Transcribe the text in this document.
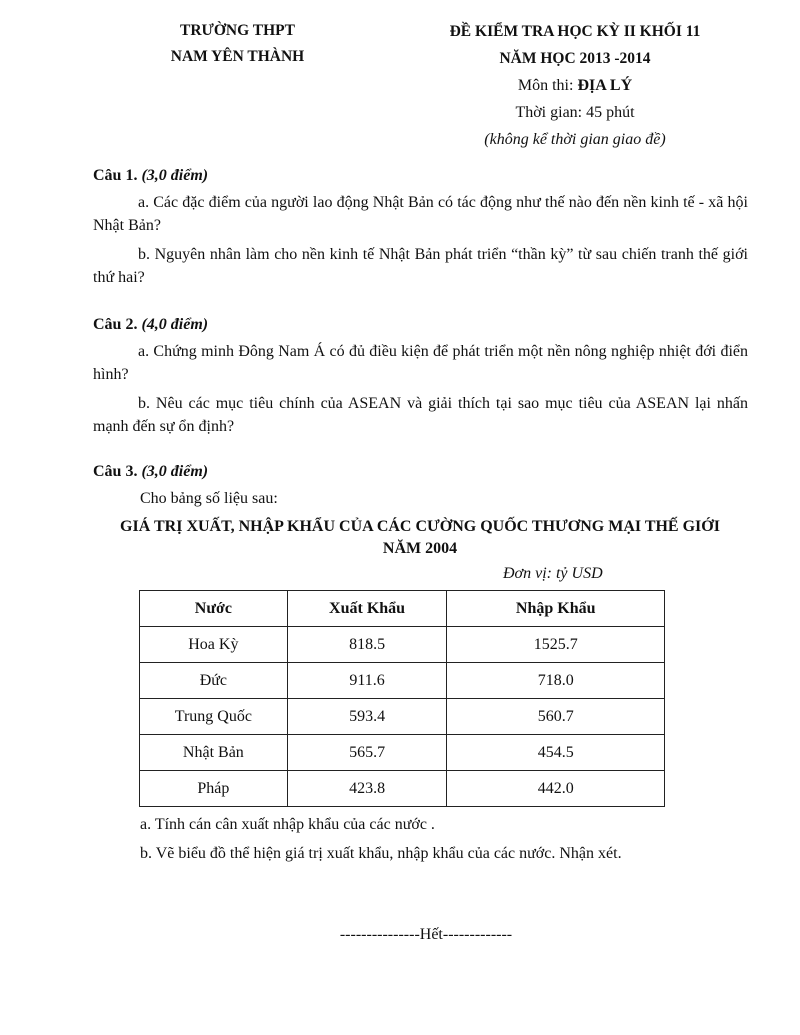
TRƯỜNG THPT
NAM YÊN THÀNH
ĐỀ KIỂM TRA HỌC KỲ II KHỐI 11
NĂM HỌC 2013 -2014
Môn thi: ĐỊA LÝ
Thời gian: 45 phút
(không kể thời gian giao đề)
Câu 1. (3,0 điểm)

a. Các đặc điểm của người lao động Nhật Bản có tác động như thế nào đến nền kinh tế - xã hội Nhật Bản?

b. Nguyên nhân làm cho nền kinh tế Nhật Bản phát triển “thần kỳ” từ sau chiến tranh thế giới thứ hai?

Câu 2. (4,0 điểm)

a. Chứng minh Đông Nam Á có đủ điều kiện để phát triển một nền nông nghiệp nhiệt đới điển hình?

b. Nêu các mục tiêu chính của ASEAN và giải thích tại sao mục tiêu của ASEAN lại nhấn mạnh đến sự ổn định?

Câu 3. (3,0 điểm)
Cho bảng số liệu sau:
GIÁ TRỊ XUẤT, NHẬP KHẨU CỦA CÁC CƯỜNG QUỐC THƯƠNG MẠI THẾ GIỚI
NĂM 2004
Đơn vị: tỷ USD
Nước	Xuất Khẩu	Nhập Khẩu
Hoa Kỳ	818.5	1525.7
Đức	911.6	718.0
Trung Quốc	593.4	560.7
Nhật Bản	565.7	454.5
Pháp	423.8	442.0
a. Tính cán cân xuất nhập khẩu của các nước .
b. Vẽ biểu đồ thể hiện giá trị xuất khẩu, nhập khẩu của các nước. Nhận xét.
---------------Hết-------------
